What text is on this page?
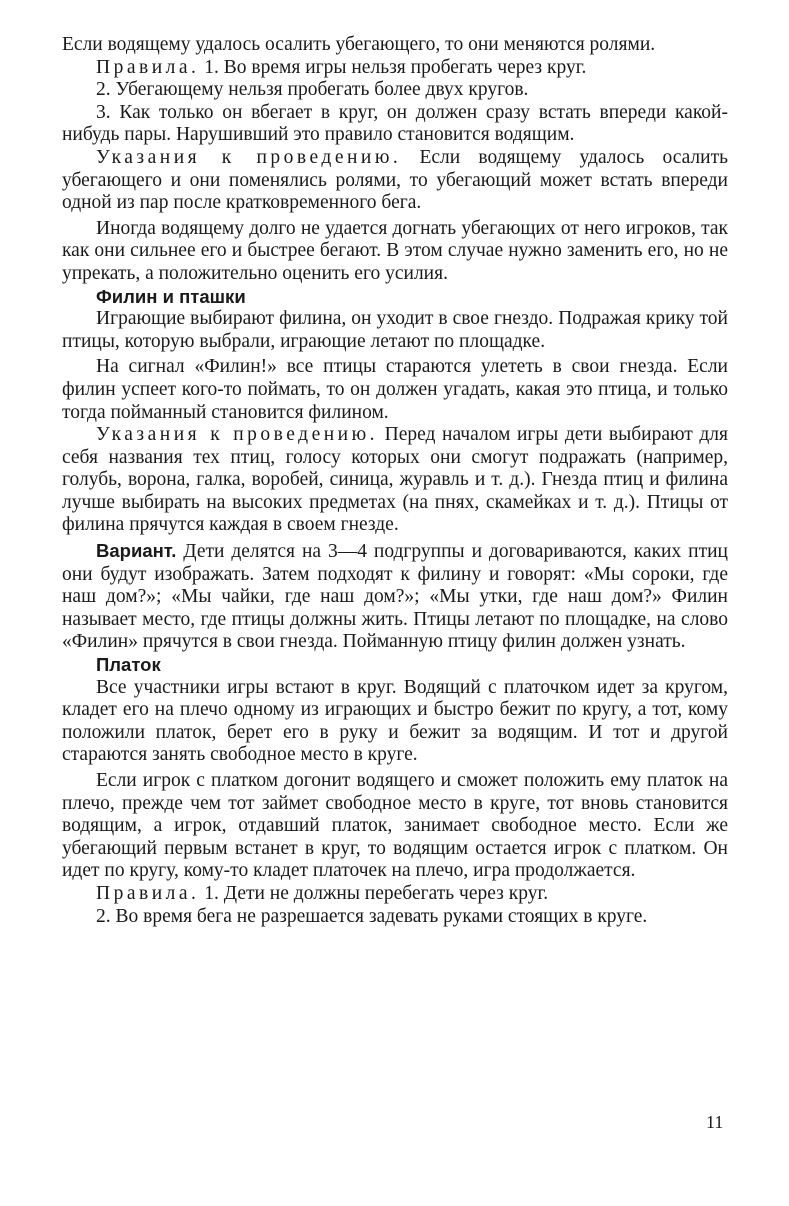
Если водящему удалось осалить убегающего, то они меняются ролями.

Правила. 1. Во время игры нельзя пробегать через круг.

2. Убегающему нельзя пробегать более двух кругов.

3. Как только он вбегает в круг, он должен сразу встать впереди какой-нибудь пары. Нарушивший это правило становится водящим.

Указания к проведению. Если водящему удалось осалить убегающего и они поменялись ролями, то убегающий может встать впереди одной из пар после кратковременного бега.

Иногда водящему долго не удается догнать убегающих от него игроков, так как они сильнее его и быстрее бегают. В этом случае нужно заменить его, но не упрекать, а положительно оценить его усилия.

Филин и пташки

Играющие выбирают филина, он уходит в свое гнездо. Подражая крику той птицы, которую выбрали, играющие летают по площадке.

На сигнал «Филин!» все птицы стараются улететь в свои гнезда. Если филин успеет кого-то поймать, то он должен угадать, какая это птица, и только тогда пойманный становится филином.

Указания к проведению. Перед началом игры дети выбирают для себя названия тех птиц, голосу которых они смогут подражать (например, голубь, ворона, галка, воробей, синица, журавль и т. д.). Гнезда птиц и филина лучше выбирать на высоких предметах (на пнях, скамейках и т. д.). Птицы от филина прячутся каждая в своем гнезде.

Вариант. Дети делятся на 3—4 подгруппы и договариваются, каких птиц они будут изображать. Затем подходят к филину и говорят: «Мы сороки, где наш дом?»; «Мы чайки, где наш дом?»; «Мы утки, где наш дом?» Филин называет место, где птицы должны жить. Птицы летают по площадке, на слово «Филин» прячутся в свои гнезда. Пойманную птицу филин должен узнать.

Платок

Все участники игры встают в круг. Водящий с платочком идет за кругом, кладет его на плечо одному из играющих и быстро бежит по кругу, а тот, кому положили платок, берет его в руку и бежит за водящим. И тот и другой стараются занять свободное место в круге.

Если игрок с платком догонит водящего и сможет положить ему платок на плечо, прежде чем тот займет свободное место в круге, тот вновь становится водящим, а игрок, отдавший платок, занимает свободное место. Если же убегающий первым встанет в круг, то водящим остается игрок с платком. Он идет по кругу, кому-то кладет платочек на плечо, игра продолжается.

Правила. 1. Дети не должны перебегать через круг.

2. Во время бега не разрешается задевать руками стоящих в круге.

11
